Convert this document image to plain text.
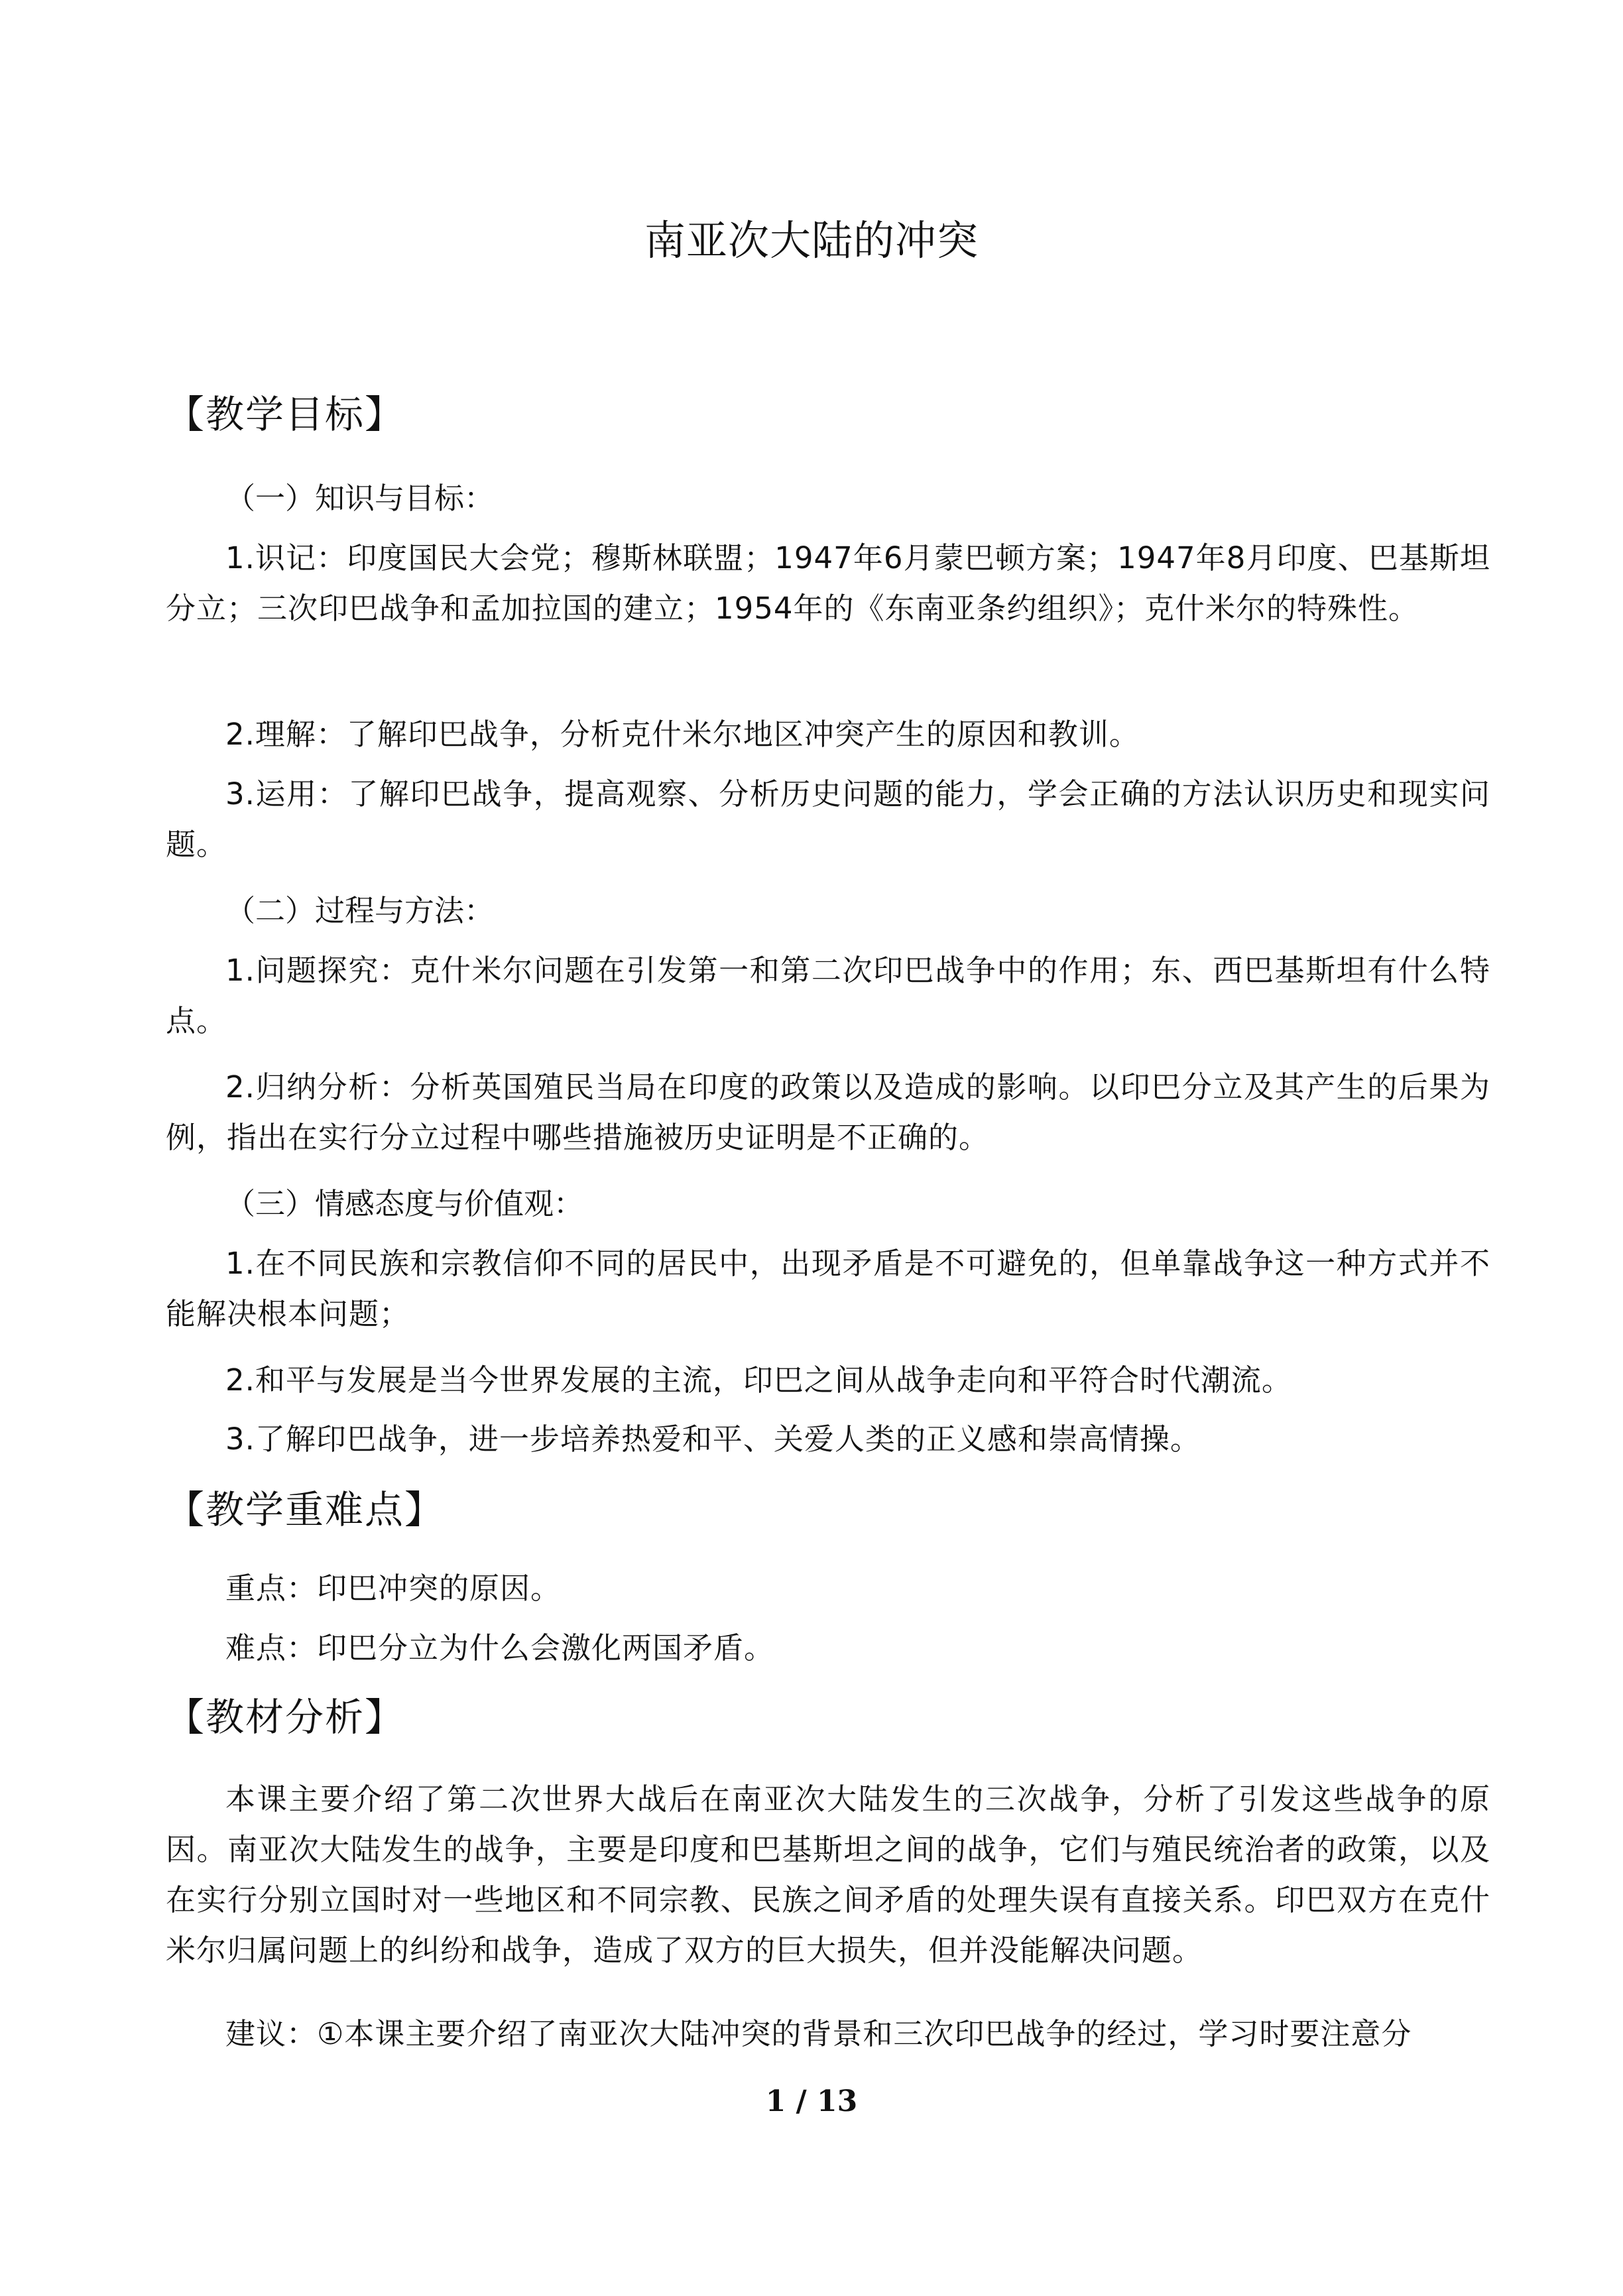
南亚次大陆的冲突
【教学目标】

（一）知识与目标：

1.识记：印度国民大会党；穆斯林联盟；1947年6月蒙巴顿方案；1947年8月印度、巴基斯坦分立；三次印巴战争和孟加拉国的建立；1954年的《东南亚条约组织》；克什米尔的特殊性。

2.理解：了解印巴战争，分析克什米尔地区冲突产生的原因和教训。

3.运用：了解印巴战争，提高观察、分析历史问题的能力，学会正确的方法认识历史和现实问题。

（二）过程与方法：

1.问题探究：克什米尔问题在引发第一和第二次印巴战争中的作用；东、西巴基斯坦有什么特点。

2.归纳分析：分析英国殖民当局在印度的政策以及造成的影响。以印巴分立及其产生的后果为例，指出在实行分立过程中哪些措施被历史证明是不正确的。

（三）情感态度与价值观：

1.在不同民族和宗教信仰不同的居民中，出现矛盾是不可避免的，但单靠战争这一种方式并不能解决根本问题；

2.和平与发展是当今世界发展的主流，印巴之间从战争走向和平符合时代潮流。

3.了解印巴战争，进一步培养热爱和平、关爱人类的正义感和崇高情操。

【教学重难点】

重点：印巴冲突的原因。

难点：印巴分立为什么会激化两国矛盾。

【教材分析】

本课主要介绍了第二次世界大战后在南亚次大陆发生的三次战争，分析了引发这些战争的原因。南亚次大陆发生的战争，主要是印度和巴基斯坦之间的战争，它们与殖民统治者的政策，以及在实行分别立国时对一些地区和不同宗教、民族之间矛盾的处理失误有直接关系。印巴双方在克什米尔归属问题上的纠纷和战争，造成了双方的巨大损失，但并没能解决问题。

建议：①本课主要介绍了南亚次大陆冲突的背景和三次印巴战争的经过，学习时要注意分

1 / 13
